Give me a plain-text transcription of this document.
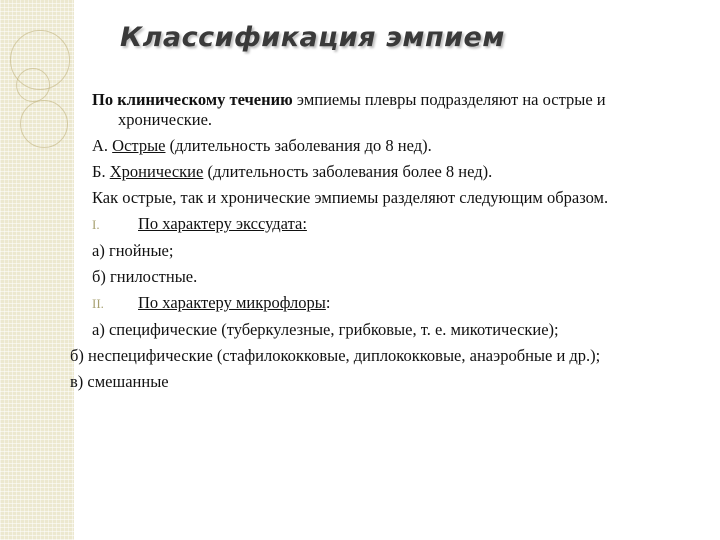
Классификация эмпием

По клиническому течению эмпиемы плевры подразделяют на острые и хронические.

А. Острые (длительность заболевания до 8 нед).

Б. Хронические (длительность заболевания более 8 нед).

Как острые, так и хронические эмпиемы разделяют следующим образом.

I. По характеру экссудата:

а) гнойные;

б) гнилостные.

II. По характеру микрофлоры:

а) специфические (туберкулезные, грибковые, т. е. микотические);

б) неспецифические (стафилококковые, диплококковые, анаэробные и др.);

в) смешанные
